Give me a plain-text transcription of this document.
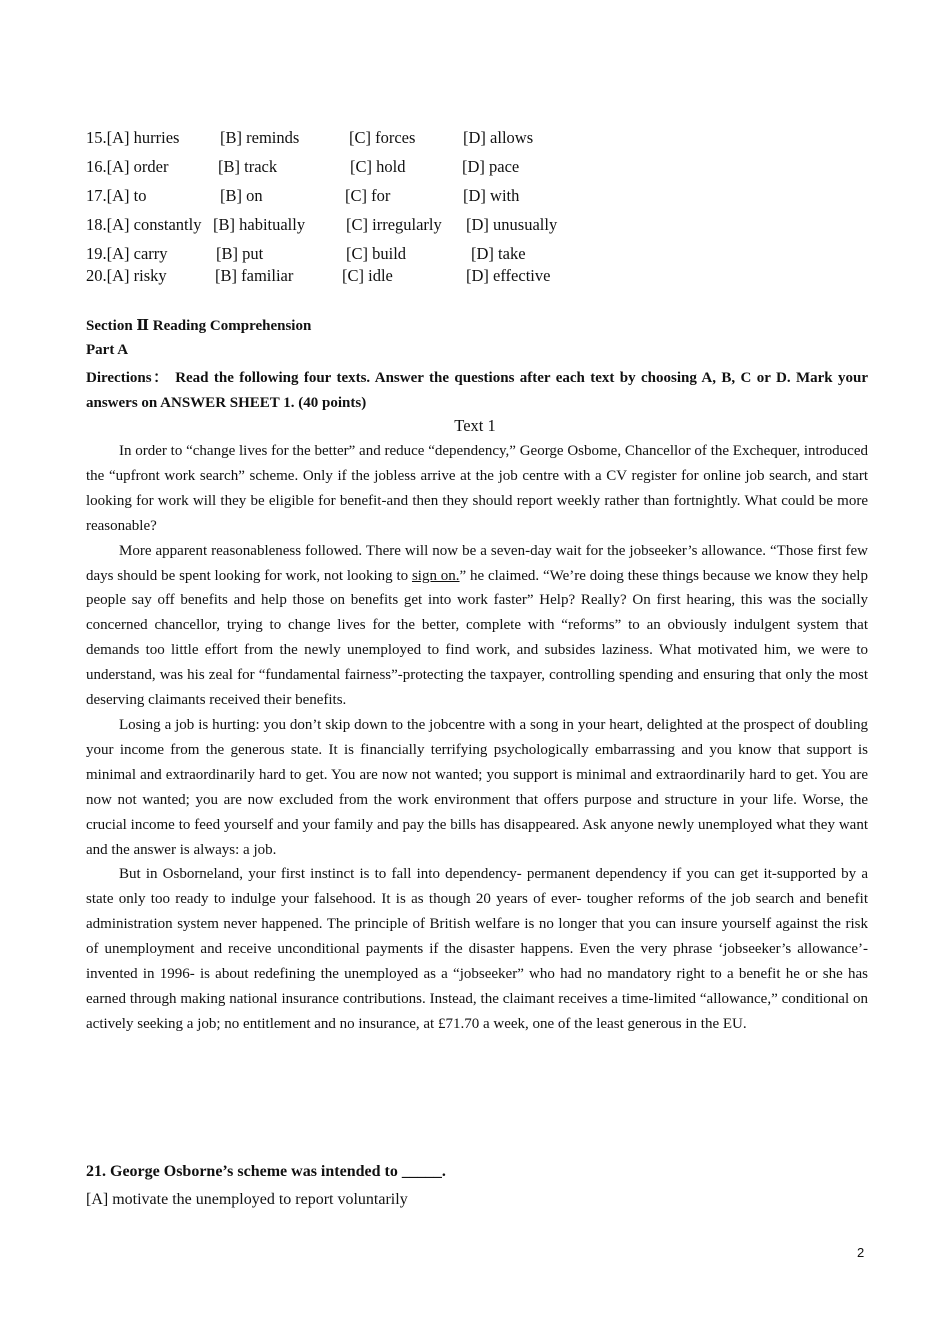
15.[A] hurries [B] reminds	[C] forces	[D] allows
16.[A] order	[B] track	[C] hold	[D] pace
17.[A] to	[B] on	[C] for	[D] with
18.[A] constantly [B] habitually [C] irregularly [D] unusually
19.[A] carry	[B] put	[C] build	[D] take
20.[A] risky	[B] familiar	[C] idle	[D] effective
Section Ⅱ Reading Comprehension
Part A
Directions： Read the following four texts. Answer the questions after each text by choosing A, B, C or D. Mark your answers on ANSWER SHEET 1. (40 points)
Text 1

In order to “change lives for the better” and reduce “dependency,” George Osbome, Chancellor of the Exchequer, introduced the “upfront work search” scheme. Only if the jobless arrive at the job centre with a CV register for online job search, and start looking for work will they be eligible for benefit-and then they should report weekly rather than fortnightly. What could be more reasonable?

More apparent reasonableness followed. There will now be a seven-day wait for the jobseeker’s allowance. “Those first few days should be spent looking for work, not looking to sign on.” he claimed. “We’re doing these things because we know they help people say off benefits and help those on benefits get into work faster” Help? Really? On first hearing, this was the socially concerned chancellor, trying to change lives for the better, complete with “reforms” to an obviously indulgent system that demands too little effort from the newly unemployed to find work, and subsides laziness. What motivated him, we were to understand, was his zeal for “fundamental fairness”-protecting the taxpayer, controlling spending and ensuring that only the most deserving claimants received their benefits.

Losing a job is hurting: you don’t skip down to the jobcentre with a song in your heart, delighted at the prospect of doubling your income from the generous state. It is financially terrifying psychologically embarrassing and you know that support is minimal and extraordinarily hard to get. You are now not wanted; you support is minimal and extraordinarily hard to get. You are now not wanted; you are now excluded from the work environment that offers purpose and structure in your life. Worse, the crucial income to feed yourself and your family and pay the bills has disappeared. Ask anyone newly unemployed what they want and the answer is always: a job.

But in Osborneland, your first instinct is to fall into dependency- permanent dependency if you can get it-supported by a state only too ready to indulge your falsehood. It is as though 20 years of ever- tougher reforms of the job search and benefit administration system never happened. The principle of British welfare is no longer that you can insure yourself against the risk of unemployment and receive unconditional payments if the disaster happens. Even the very phrase ‘jobseeker’s allowance’-invented in 1996- is about redefining the unemployed as a “jobseeker” who had no mandatory right to a benefit he or she has earned through making national insurance contributions. Instead, the claimant receives a time-limited “allowance,” conditional on actively seeking a job; no entitlement and no insurance, at £71.70 a week, one of the least generous in the EU.

21. George Osborne’s scheme was intended to _____.
[A] motivate the unemployed to report voluntarily
2
